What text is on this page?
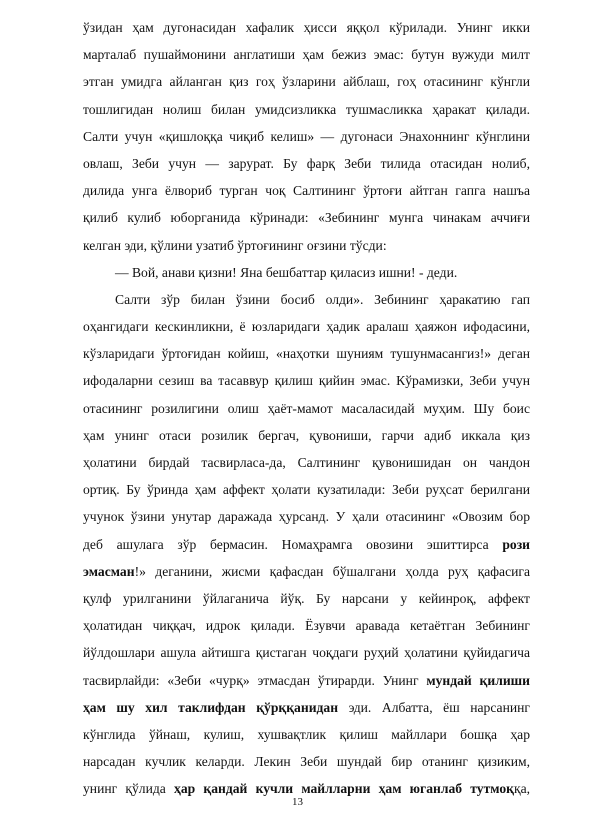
ўзидан ҳам дугонасидан хафалик ҳисси яққол кўрилади. Унинг икки
марталаб пушаймонини англатиши ҳам бежиз эмас: бутун вужуди милт
этган умидга айланган қиз гоҳ ўзларини айблаш, гоҳ отасининг кўнгли
тошлигидан нолиш билан умидсизликка тушмасликка ҳаракат қилади.
Салти учун «қишлоққа чиқиб келиш» — дугонаси Энахоннинг кўнглини
овлаш, Зеби учун — зарурат. Бу фарқ Зеби тилида отасидан нолиб,
дилида унга ёлвориб турган чоқ Салтининг ўртоғи айтган гапга нашъа
қилиб кулиб юборганида кўринади: «Зебининг мунга чинакам аччиғи
келган эди, қўлини узатиб ўртоғининг оғзини тўсди:
— Вой, анави қизни! Яна бешбаттар қиласиз ишни! - деди.
Салти зўр билан ўзини босиб олди». Зебининг ҳаракатию гап
оҳангидаги кескинликни, ё юзларидаги ҳадик аралаш ҳаяжон ифодасини,
кўзларидаги ўртоғидан койиш, «наҳотки шуниям тушунмасангиз!» деган
ифодаларни сезиш ва тасаввур қилиш қийин эмас. Кўрамизки, Зеби учун
отасининг розилигини олиш ҳаёт-мамот масаласидай муҳим. Шу боис
ҳам унинг отаси розилик бергач, қувониши, гарчи адиб иккала қиз
ҳолатини бирдай тасвирласа-да, Салтининг қувонишидан он чандон
ортиқ. Бу ўринда ҳам аффект ҳолати кузатилади: Зеби руҳсат берилгани
учунок ўзини унутар даражада ҳурсанд. У ҳали отасининг «Овозим бор
деб ашулага зўр бермасин. Номаҳрамга овозини эшиттирса рози
эмасман!» деганини, жисми қафасдан бўшалгани ҳолда руҳ қафасига
қулф урилганини ўйлаганича йўқ. Бу нарсани у кейинроқ, аффект
ҳолатидан чиққач, идрок қилади. Ёзувчи аравада кетаётган Зебининг
йўлдошлари ашула айтишга қистаган чоқдаги руҳий ҳолатини қуйидагича
тасвирлайди: «Зеби «чурқ» этмасдан ўтирарди. Унинг мундай қилиши
ҳам шу хил таклифдан қўрққанидан эди. Албатта, ёш нарсанинг
кўнглида ўйнаш, кулиш, хушвақтлик қилиш майллари бошқа ҳар
нарсадан кучлик келарди. Лекин Зеби шундай бир отанинг қизиким,
унинг қўлида ҳар қандай кучли майлларни ҳам юганлаб тутмоққа,
13
